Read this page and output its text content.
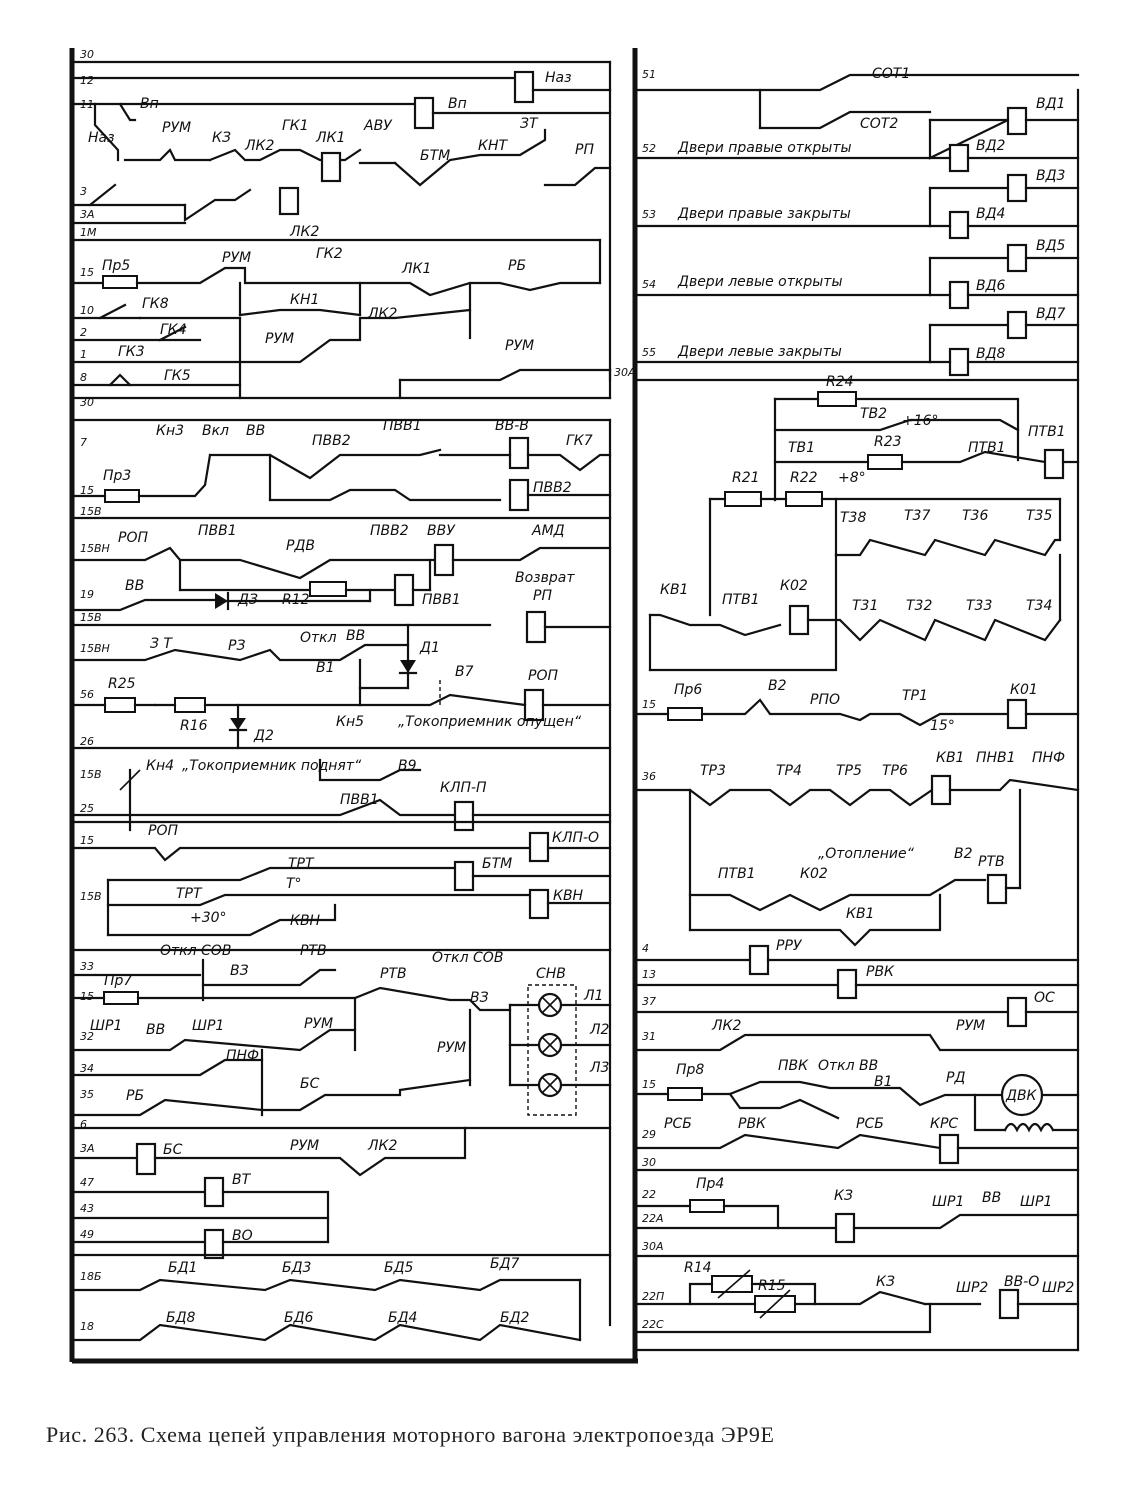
Наз
Вп
Вп
Наз
РУМ
КЗ ЛК2
ГК1
ЛК1
АВУ
БТМ
КНТ
ЗТ
РП
ЛК2
3
3А
1М
30
12
11
Пр5	РУМ	ГК2
КН1
ЛК1	РБ
15
ГК8
ГК4
ГК3
ГК5
РУМ
ЛК2
РУМ
10
2
1
8
30
7
Кн3 Вкл ВВ
ПВВ2
ПВВ1	ВВ-В
ГК7
ПВВ2
15
Пр3
15В
15ВН
РОП	ПВВ1
РДВ
ПВВ2 ВВУ	АМД
19
ВВ	Возврат
РП
ДЗ R12	ПВВ1
15В
15ВН	З Т	РЗ	Откл ВВ
В1
Д1
56
R25
R16
В7	РОП
Д2
26
Кн5 „Токоприемник опущен“
15В
Кн4 „Токоприемник поднят“	В9
ПВВ1
КЛП-П
25
15
РОП	КЛП-О
ТРТ
Т°
БТМ
15В	ТРТ
+30°
КВН
КВН
Откл СОВ	РТВ
33	ВЗ
15
Пр7	РТВ
Откл СОВ
ВЗ
СНВ
Л1
Л2
Л3
32
ШР1 ВВ ШР1	РУМ
34
ПНФ
35 РБ
БС
РУМ
6
3А	БС	РУМ	ЛК2
47	ВТ
43
49	ВО
18Б
БД1	БД3	БД5	БД7
18
БД8	БД6	БД4	БД2
51	СОТ1
СОТ2
52 Двери правые открыты
ВД1
ВД2
53 Двери правые закрыты
ВД3
ВД4
54 Двери левые открыты
ВД5
ВД6
55 Двери левые закрыты
ВД7
ВД8
30А
R24
ТВ2 +16°
ТВ1	R23
+8°
ПТВ1
ПТВ1
R21 R22
Т38	Т37 Т36	Т35
КВ1
ПТВ1
К02
Т31 Т32 Т33 Т34
15
Пр6	В2
РПО	ТР1
15°
К01
36	ТР3	ТР4 ТР5 ТР6
КВ1 ПНВ1 ПНФ
„Отопление“	В2 РТВ
ПТВ1	К02
КВ1
4	РРУ
13	РВК
37	ОС
31
ЛК2	РУМ
15
Пр8	ПВК Откл ВВ
В1	РД
ДВК
29
РСБ	РВК	РСБ	КРС
30
22
Пр4
22А
КЗ	ШР1 ВВ ШР1
30А
22П
R14
R15	КЗ	ШР2 ВВ-О ШР2
22С
Рис. 263. Схема цепей управления моторного вагона электропоезда ЭР9Е
